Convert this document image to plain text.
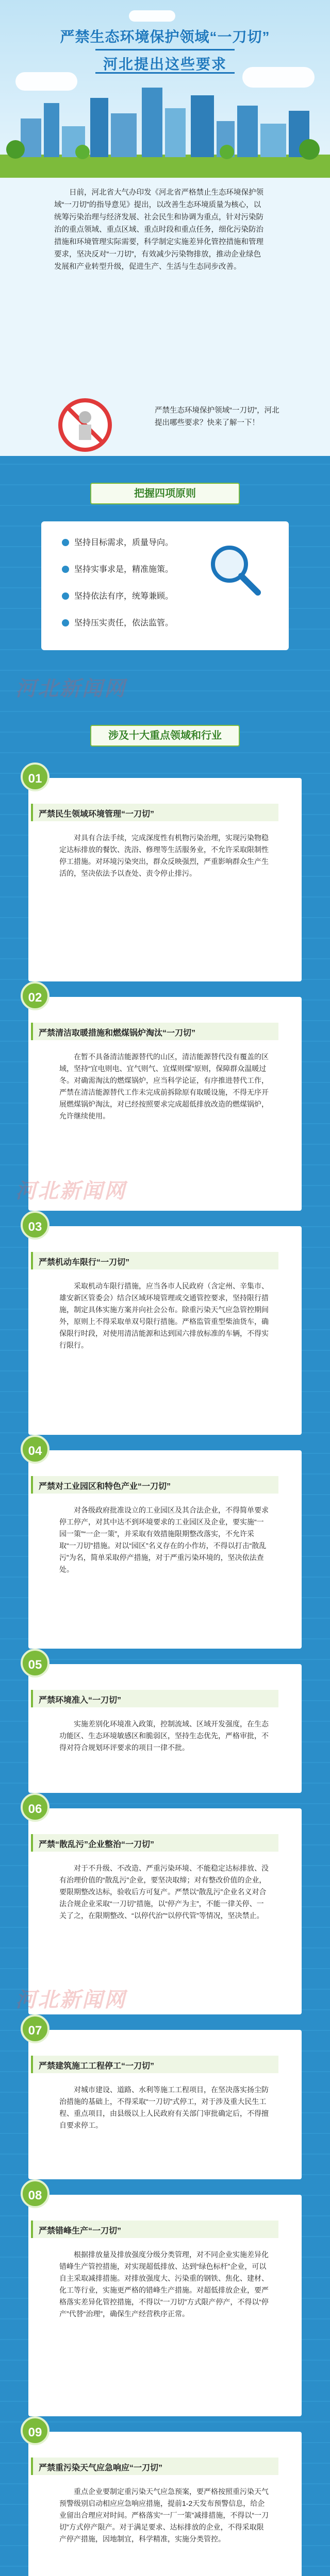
严禁生态环境保护领域“一刀切”
河北提出这些要求
日前，河北省大气办印发《河北省严格禁止生态环境保护领域“一刀切”的指导意见》提出，以改善生态环境质量为核心，以统筹污染治理与经济发展、社会民生和协调为重点，针对污染防治的重点领域、重点区域、重点时段和重点任务，细化污染防治措施和环境管理实际需要，科学制定实施差异化管控措施和管理要求，坚决反对“一刀切”，有效减少污染物排放，推动企业绿色发展和产业转型升级，促进生产、生活与生态同步改善。
严禁生态环境保护领域“一刀切”，河北提出哪些要求？快来了解一下！
把握四项原则
坚持目标需求，质量导向。
坚持实事求是，精准施策。
坚持依法有序，统筹兼顾。
坚持压实责任，依法监管。
河北新闻网
涉及十大重点领域和行业
01
严禁民生领域环境管理“一刀切”
对具有合法手续，完成深度性有机物污染治理，实现污染物稳定达标排放的餐饮、洗浴、修理等生活服务业，不允许采取限制性停工措施。对环境污染突出，群众反映强烈，严重影响群众生产生活的，坚决依法予以查处、责令停止排污。
02
严禁清洁取暖措施和燃煤锅炉淘汰“一刀切”
在暂不具备清洁能源替代的山区，清洁能源替代没有覆盖的区域，坚持“宜电则电、宜气则气、宜煤则煤”原则，保障群众温暖过冬。对确需淘汰的燃煤锅炉，应当科学论证，有序推进替代工作，严禁在清洁能源替代工作未完成前拆除原有取暖设施，不得无序开展燃煤锅炉淘汰，对已经按照要求完成超低排放改造的燃煤锅炉，允许继续使用。
河北新闻网
03
严禁机动车限行“一刀切”
采取机动车限行措施，应当各市人民政府（含定州、辛集市、雄安新区管委会）结合区域环境管理或交通管控要求，坚持限行措施，制定具体实施方案并向社会公布。除重污染天气应急管控期间外，原则上不得采取单双号限行措施。严格监管重型柴油货车，确保限行时段，对使用清洁能源和达到国六排放标准的车辆，不得实行限行。
04
严禁对工业园区和特色产业“一刀切”
对各级政府批准设立的工业园区及其合法企业，不得简单要求停工停产，对其中达不到环境要求的工业园区及企业，要实施“一园一策”“一企一策”，并采取有效措施限期整改落实，不允许采取“一刀切”措施。对以“园区”名义存在的小作坊，不得以打击“散乱污”为名，简单采取停产措施，对于严重污染环境的，坚决依法查处。
05
严禁环境准入“一刀切”
实施差别化环境准入政策，控制流域、区域开发强度，在生态功能区、生态环境敏感区和脆弱区，坚持生态优先，严格审批，不得对符合规划环评要求的项目一律不批。
06
严禁“散乱污”企业整治“一刀切”
对于不升级、不改造、严重污染环境、不能稳定达标排放、没有治理价值的“散乱污”企业，要坚决取缔；对有整改价值的企业，要限期整改达标，验收后方可复产。严禁以“散乱污”企业名义对合法合规企业采取“一刀切”措施，以“停产为主”，不能一律关停、一关了之，在限期整改、“以停代治”“以停代管”等情况，坚决禁止。
河北新闻网
07
严禁建筑施工工程停工“一刀切”
对城市建设、道路、水利等施工工程项目，在坚决落实扬尘防治措施的基础上，不得采取“一刀切”式停工，对于涉及重大民生工程、重点项目，由县级以上人民政府有关部门审批确定后，不得擅自要求停工。
08
严禁错峰生产“一刀切”
根据排放量及排放强度分级分类管理，对不同企业实施差异化错峰生产管控措施，对实现超低排放、达到“绿色标杆”企业，可以自主采取减排措施。对排放强度大、污染重的钢铁、焦化、建材、化工等行业，实施更严格的错峰生产措施。对超低排放企业，要严格落实差异化管控措施，不得以“一刀切”方式限产停产，不得以“停产”代替“治理”，确保生产经营秩序正常。
09
严禁重污染天气应急响应“一刀切”
重点企业要制定重污染天气应急预案，要严格按照重污染天气预警级别启动相应应急响应措施，提前1-2天发布预警信息，给企业留出合理应对时间。严格落实“一厂一策”减排措施，不得以“一刀切”方式停产限产。对于满足要求、达标排放的企业，不得采取限产停产措施，因地制宜，科学精准，实施分类管控。
